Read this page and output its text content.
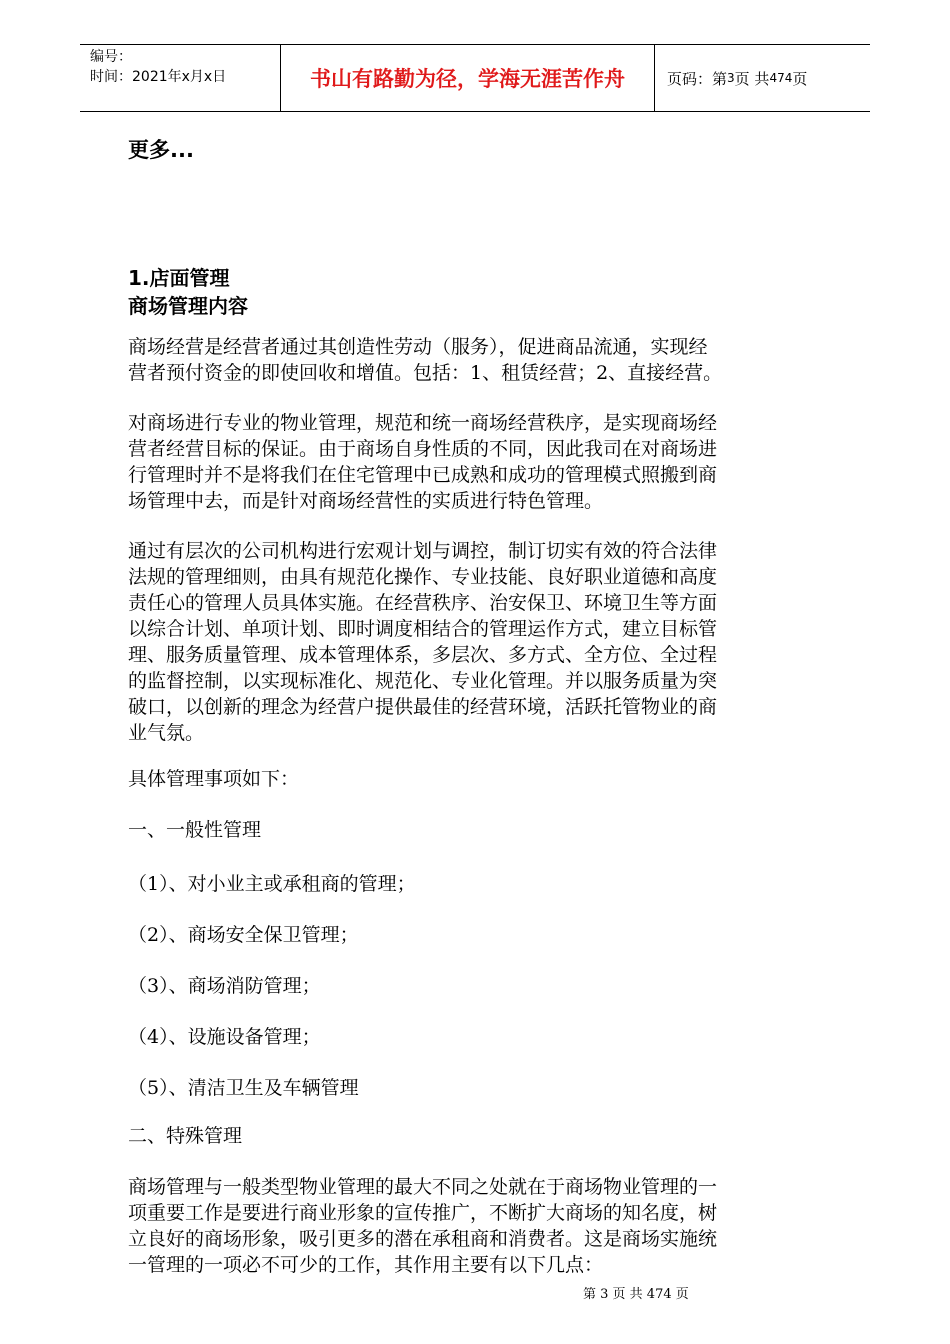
编号：
时间：2021年x月x日	书山有路勤为径，学海无涯苦作舟	页码：第 3 页 共 474 页
更多...
1.店面管理
商场管理内容
商场经营是经营者通过其创造性劳动（服务），促进商品流通，实现经
营者预付资金的即使回收和增值。包括：1、租赁经营；2、直接经营。
对商场进行专业的物业管理，规范和统一商场经营秩序，是实现商场经
营者经营目标的保证。由于商场自身性质的不同，因此我司在对商场进
行管理时并不是将我们在住宅管理中已成熟和成功的管理模式照搬到商
场管理中去，而是针对商场经营性的实质进行特色管理。
通过有层次的公司机构进行宏观计划与调控，制订切实有效的符合法律
法规的管理细则，由具有规范化操作、专业技能、良好职业道德和高度
责任心的管理人员具体实施。在经营秩序、治安保卫、环境卫生等方面
以综合计划、单项计划、即时调度相结合的管理运作方式，建立目标管
理、服务质量管理、成本管理体系，多层次、多方式、全方位、全过程
的监督控制，以实现标准化、规范化、专业化管理。并以服务质量为突
破口，以创新的理念为经营户提供最佳的经营环境，活跃托管物业的商
业气氛。
具体管理事项如下：
一、一般性管理
（1）、对小业主或承租商的管理；
（2）、商场安全保卫管理；
（3）、商场消防管理；
（4）、设施设备管理；
（5）、清洁卫生及车辆管理
二、特殊管理
商场管理与一般类型物业管理的最大不同之处就在于商场物业管理的一
项重要工作是要进行商业形象的宣传推广，不断扩大商场的知名度，树
立良好的商场形象，吸引更多的潜在承租商和消费者。这是商场实施统
一管理的一项必不可少的工作，其作用主要有以下几点：
第 3 页 共 474 页
